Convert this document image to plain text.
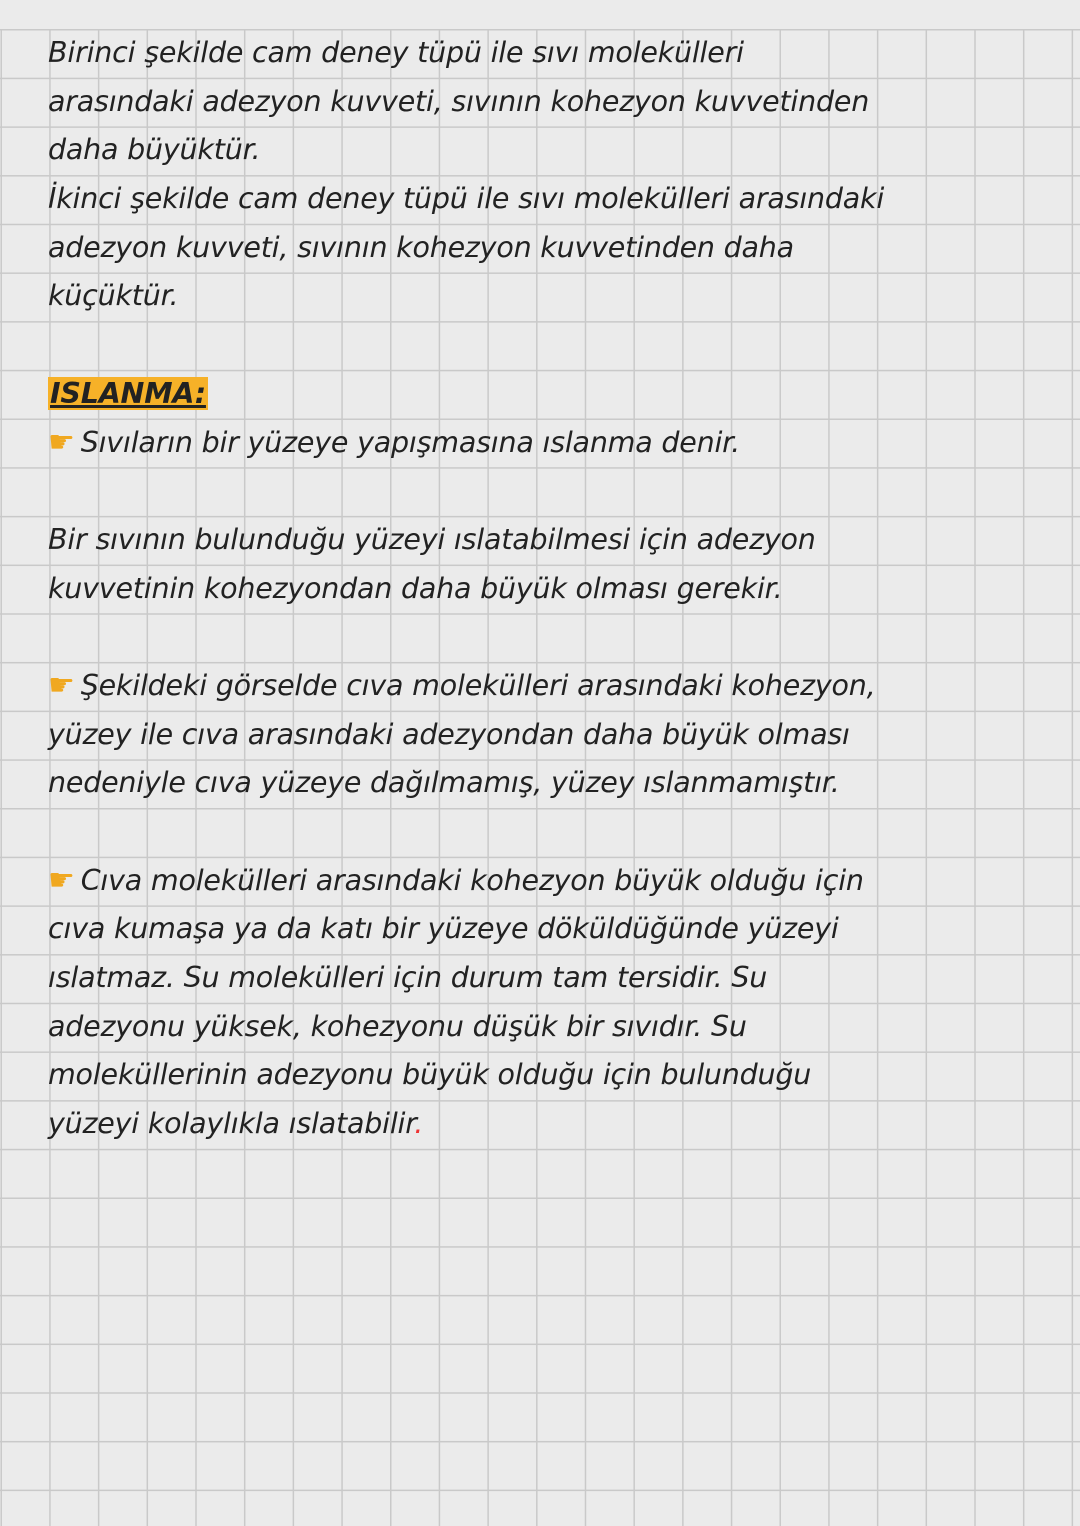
Birinci şekilde cam deney tüpü ile sıvı molekülleri
arasındaki adezyon kuvveti, sıvının kohezyon kuvvetinden
daha büyüktür.
İkinci şekilde cam deney tüpü ile sıvı molekülleri arasındaki
adezyon kuvveti, sıvının kohezyon kuvvetinden daha
küçüktür.
ISLANMA:
☛ Sıvıların bir yüzeye yapışmasına ıslanma denir.
Bir sıvının bulunduğu yüzeyi ıslatabilmesi için adezyon
kuvvetinin kohezyondan daha büyük olması gerekir.
☛ Şekildeki görselde cıva molekülleri arasındaki kohezyon,
yüzey ile cıva arasındaki adezyondan daha büyük olması
nedeniyle cıva yüzeye dağılmamış, yüzey ıslanmamıştır.
☛ Cıva molekülleri arasındaki kohezyon büyük olduğu için
cıva kumaşa ya da katı bir yüzeye döküldüğünde yüzeyi
ıslatmaz. Su molekülleri için durum tam tersidir. Su
adezyonu yüksek, kohezyonu düşük bir sıvıdır. Su
moleküllerinin adezyonu büyük olduğu için bulunduğu
yüzeyi kolaylıkla ıslatabilir.
